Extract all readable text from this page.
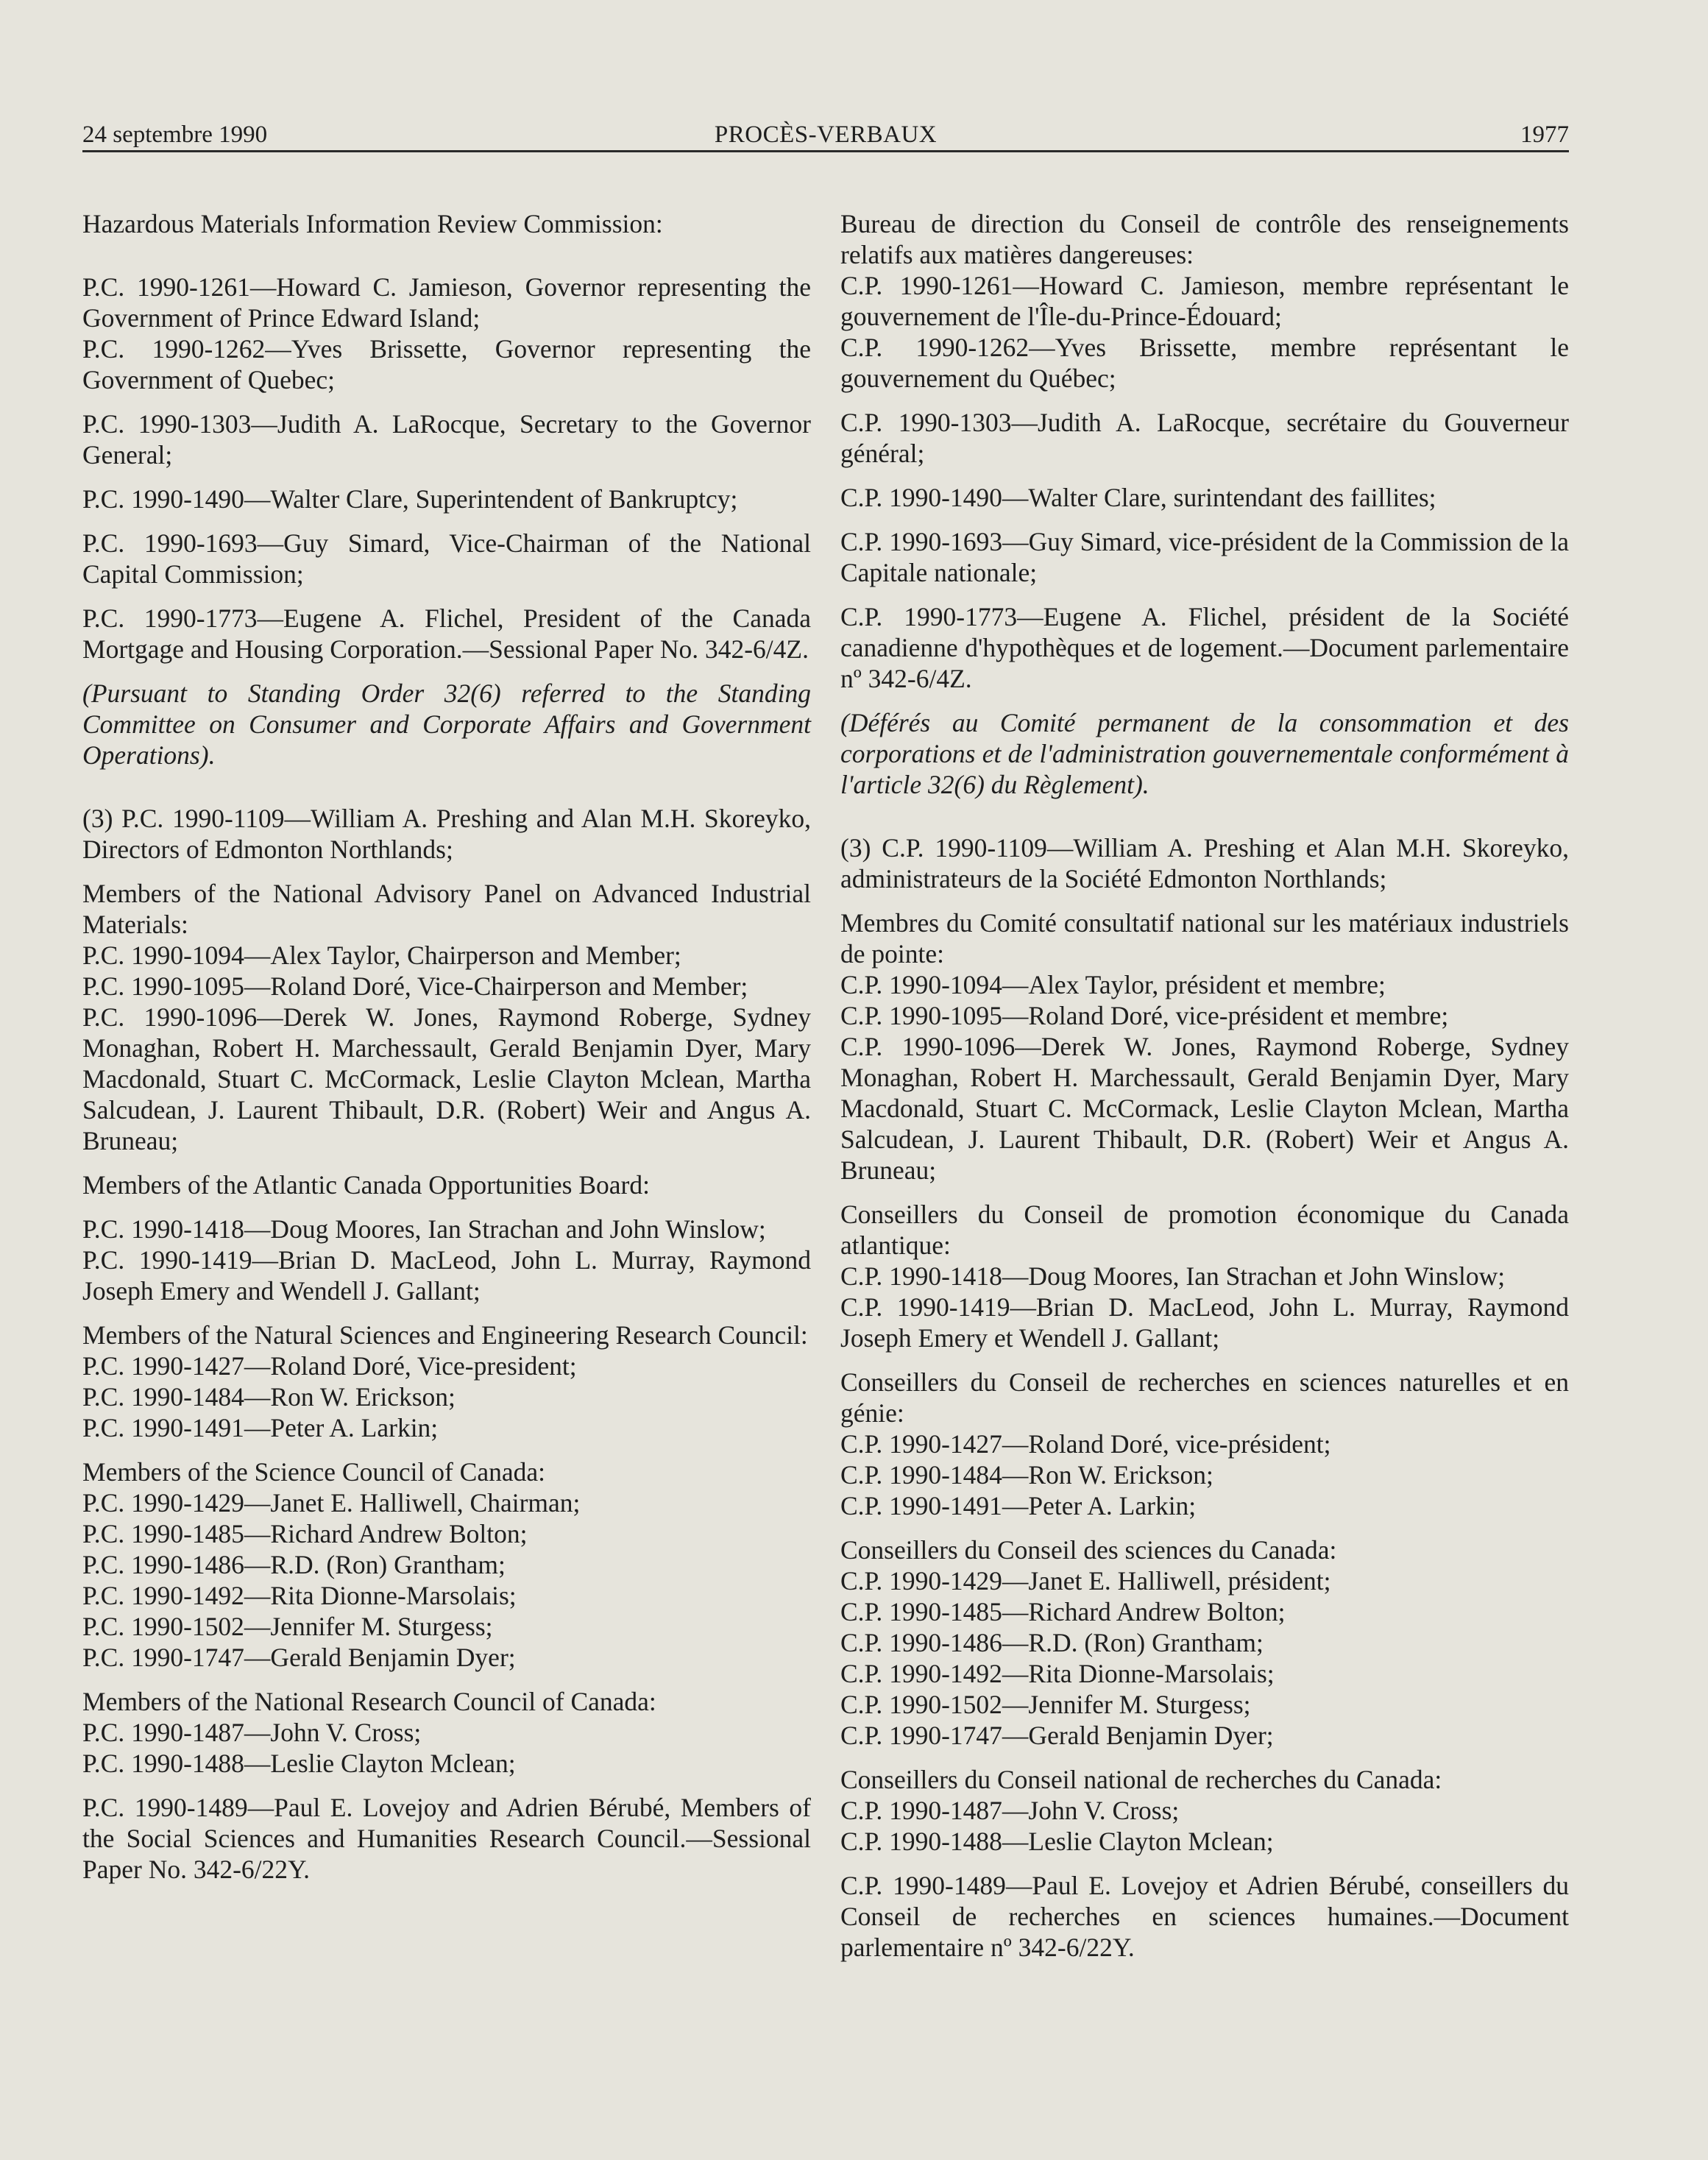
24 septembre 1990	PROCÈS-VERBAUX	1977

Hazardous Materials Information Review Commission:

P.C. 1990-1261—Howard C. Jamieson, Governor representing the Government of Prince Edward Island;

P.C. 1990-1262—Yves Brissette, Governor representing the Government of Quebec;

P.C. 1990-1303—Judith A. LaRocque, Secretary to the Governor General;

P.C. 1990-1490—Walter Clare, Superintendent of Bankruptcy;

P.C. 1990-1693—Guy Simard, Vice-Chairman of the National Capital Commission;

P.C. 1990-1773—Eugene A. Flichel, President of the Canada Mortgage and Housing Corporation.—Sessional Paper No. 342-6/4Z.

(Pursuant to Standing Order 32(6) referred to the Standing Committee on Consumer and Corporate Affairs and Government Operations).

(3) P.C. 1990-1109—William A. Preshing and Alan M.H. Skoreyko, Directors of Edmonton Northlands;

Members of the National Advisory Panel on Advanced Industrial Materials:

P.C. 1990-1094—Alex Taylor, Chairperson and Member;

P.C. 1990-1095—Roland Doré, Vice-Chairperson and Member;

P.C. 1990-1096—Derek W. Jones, Raymond Roberge, Sydney Monaghan, Robert H. Marchessault, Gerald Benjamin Dyer, Mary Macdonald, Stuart C. McCormack, Leslie Clayton Mclean, Martha Salcudean, J. Laurent Thibault, D.R. (Robert) Weir and Angus A. Bruneau;

Members of the Atlantic Canada Opportunities Board:

P.C. 1990-1418—Doug Moores, Ian Strachan and John Winslow;

P.C. 1990-1419—Brian D. MacLeod, John L. Murray, Raymond Joseph Emery and Wendell J. Gallant;

Members of the Natural Sciences and Engineering Research Council:

P.C. 1990-1427—Roland Doré, Vice-president;

P.C. 1990-1484—Ron W. Erickson;

P.C. 1990-1491—Peter A. Larkin;

Members of the Science Council of Canada:

P.C. 1990-1429—Janet E. Halliwell, Chairman;

P.C. 1990-1485—Richard Andrew Bolton;

P.C. 1990-1486—R.D. (Ron) Grantham;

P.C. 1990-1492—Rita Dionne-Marsolais;

P.C. 1990-1502—Jennifer M. Sturgess;

P.C. 1990-1747—Gerald Benjamin Dyer;

Members of the National Research Council of Canada:

P.C. 1990-1487—John V. Cross;

P.C. 1990-1488—Leslie Clayton Mclean;

P.C. 1990-1489—Paul E. Lovejoy and Adrien Bérubé, Members of the Social Sciences and Humanities Research Council.—Sessional Paper No. 342-6/22Y.

Bureau de direction du Conseil de contrôle des renseignements relatifs aux matières dangereuses:

C.P. 1990-1261—Howard C. Jamieson, membre représentant le gouvernement de l'Île-du-Prince-Édouard;

C.P. 1990-1262—Yves Brissette, membre représentant le gouvernement du Québec;

C.P. 1990-1303—Judith A. LaRocque, secrétaire du Gouverneur général;

C.P. 1990-1490—Walter Clare, surintendant des faillites;

C.P. 1990-1693—Guy Simard, vice-président de la Commission de la Capitale nationale;

C.P. 1990-1773—Eugene A. Flichel, président de la Société canadienne d'hypothèques et de logement.—Document parlementaire nº 342-6/4Z.

(Déférés au Comité permanent de la consommation et des corporations et de l'administration gouvernementale conformément à l'article 32(6) du Règlement).

(3) C.P. 1990-1109—William A. Preshing et Alan M.H. Skoreyko, administrateurs de la Société Edmonton Northlands;

Membres du Comité consultatif national sur les matériaux industriels de pointe:

C.P. 1990-1094—Alex Taylor, président et membre;

C.P. 1990-1095—Roland Doré, vice-président et membre;

C.P. 1990-1096—Derek W. Jones, Raymond Roberge, Sydney Monaghan, Robert H. Marchessault, Gerald Benjamin Dyer, Mary Macdonald, Stuart C. McCormack, Leslie Clayton Mclean, Martha Salcudean, J. Laurent Thibault, D.R. (Robert) Weir et Angus A. Bruneau;

Conseillers du Conseil de promotion économique du Canada atlantique:

C.P. 1990-1418—Doug Moores, Ian Strachan et John Winslow;

C.P. 1990-1419—Brian D. MacLeod, John L. Murray, Raymond Joseph Emery et Wendell J. Gallant;

Conseillers du Conseil de recherches en sciences naturelles et en génie:

C.P. 1990-1427—Roland Doré, vice-président;

C.P. 1990-1484—Ron W. Erickson;

C.P. 1990-1491—Peter A. Larkin;

Conseillers du Conseil des sciences du Canada:

C.P. 1990-1429—Janet E. Halliwell, président;

C.P. 1990-1485—Richard Andrew Bolton;

C.P. 1990-1486—R.D. (Ron) Grantham;

C.P. 1990-1492—Rita Dionne-Marsolais;

C.P. 1990-1502—Jennifer M. Sturgess;

C.P. 1990-1747—Gerald Benjamin Dyer;

Conseillers du Conseil national de recherches du Canada:

C.P. 1990-1487—John V. Cross;

C.P. 1990-1488—Leslie Clayton Mclean;

C.P. 1990-1489—Paul E. Lovejoy et Adrien Bérubé, conseillers du Conseil de recherches en sciences humaines.—Document parlementaire nº 342-6/22Y.
